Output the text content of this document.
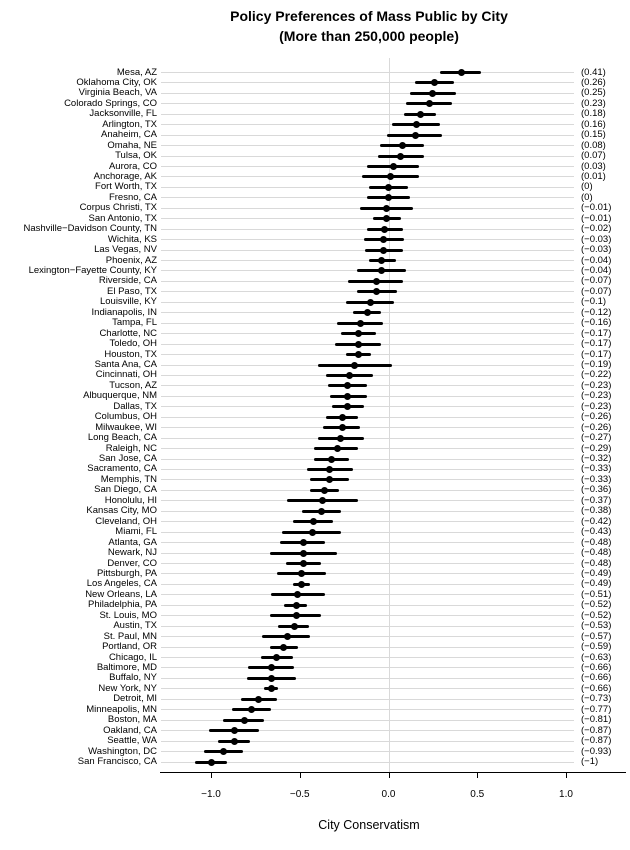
Policy Preferences of Mass Public by City
(More than 250,000 people)
Mesa, AZ	(0.41)
Oklahoma City, OK	(0.26)
Virginia Beach, VA	(0.25)
Colorado Springs, CO	(0.23)
Jacksonville, FL	(0.18)
Arlington, TX	(0.16)
Anaheim, CA	(0.15)
Omaha, NE	(0.08)
Tulsa, OK	(0.07)
Aurora, CO	(0.03)
Anchorage, AK	(0.01)
Fort Worth, TX	(0)
Fresno, CA	(0)
Corpus Christi, TX	(−0.01)
San Antonio, TX	(−0.01)
Nashville−Davidson County, TN	(−0.02)
Wichita, KS	(−0.03)
Las Vegas, NV	(−0.03)
Phoenix, AZ	(−0.04)
Lexington−Fayette County, KY	(−0.04)
Riverside, CA	(−0.07)
El Paso, TX	(−0.07)
Louisville, KY	(−0.1)
Indianapolis, IN	(−0.12)
Tampa, FL	(−0.16)
Charlotte, NC	(−0.17)
Toledo, OH	(−0.17)
Houston, TX	(−0.17)
Santa Ana, CA	(−0.19)
Cincinnati, OH	(−0.22)
Tucson, AZ	(−0.23)
Albuquerque, NM	(−0.23)
Dallas, TX	(−0.23)
Columbus, OH	(−0.26)
Milwaukee, WI	(−0.26)
Long Beach, CA	(−0.27)
Raleigh, NC	(−0.29)
San Jose, CA	(−0.32)
Sacramento, CA	(−0.33)
Memphis, TN	(−0.33)
San Diego, CA	(−0.36)
Honolulu, HI	(−0.37)
Kansas City, MO	(−0.38)
Cleveland, OH	(−0.42)
Miami, FL	(−0.43)
Atlanta, GA	(−0.48)
Newark, NJ	(−0.48)
Denver, CO	(−0.48)
Pittsburgh, PA	(−0.49)
Los Angeles, CA	(−0.49)
New Orleans, LA	(−0.51)
Philadelphia, PA	(−0.52)
St. Louis, MO	(−0.52)
Austin, TX	(−0.53)
St. Paul, MN	(−0.57)
Portland, OR	(−0.59)
Chicago, IL	(−0.63)
Baltimore, MD	(−0.66)
Buffalo, NY	(−0.66)
New York, NY	(−0.66)
Detroit, MI	(−0.73)
Minneapolis, MN	(−0.77)
Boston, MA	(−0.81)
Oakland, CA	(−0.87)
Seattle, WA	(−0.87)
Washington, DC	(−0.93)
San Francisco, CA	(−1)
−1.0	−0.5	0.0	0.5	1.0
City Conservatism
